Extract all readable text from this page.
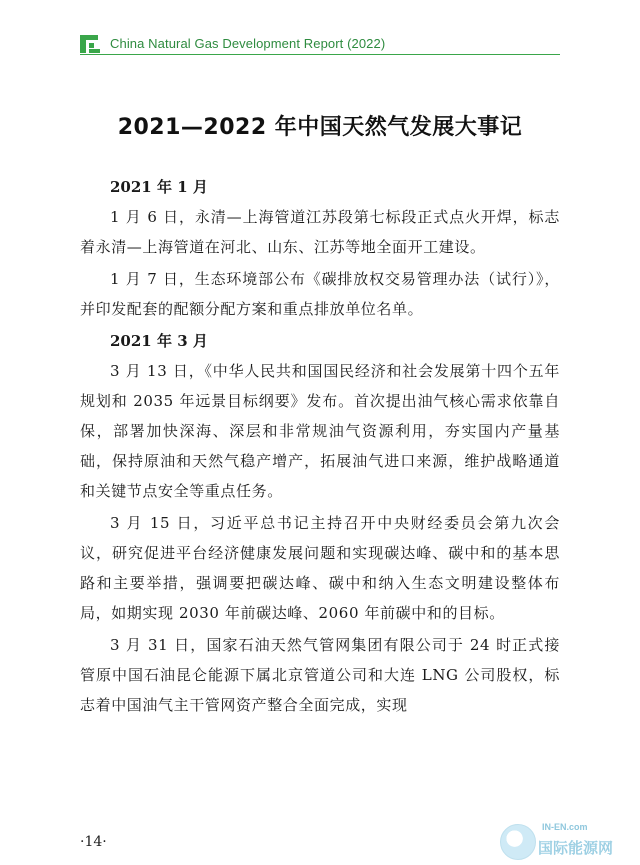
China Natural Gas Development Report (2022)
2021—2022 年中国天然气发展大事记

2021 年 1 月

1 月 6 日，永清—上海管道江苏段第七标段正式点火开焊，标志着永清—上海管道在河北、山东、江苏等地全面开工建设。

1 月 7 日，生态环境部公布《碳排放权交易管理办法（试行）》，并印发配套的配额分配方案和重点排放单位名单。

2021 年 3 月

3 月 13 日，《中华人民共和国国民经济和社会发展第十四个五年规划和 2035 年远景目标纲要》发布。首次提出油气核心需求依靠自保，部署加快深海、深层和非常规油气资源利用，夯实国内产量基础，保持原油和天然气稳产增产，拓展油气进口来源，维护战略通道和关键节点安全等重点任务。

3 月 15 日，习近平总书记主持召开中央财经委员会第九次会议，研究促进平台经济健康发展问题和实现碳达峰、碳中和的基本思路和主要举措，强调要把碳达峰、碳中和纳入生态文明建设整体布局，如期实现 2030 年前碳达峰、2060 年前碳中和的目标。

3 月 31 日，国家石油天然气管网集团有限公司于 24 时正式接管原中国石油昆仑能源下属北京管道公司和大连 LNG 公司股权，标志着中国油气主干管网资产整合全面完成，实现

·14·
IN-EN.com
国际能源网
